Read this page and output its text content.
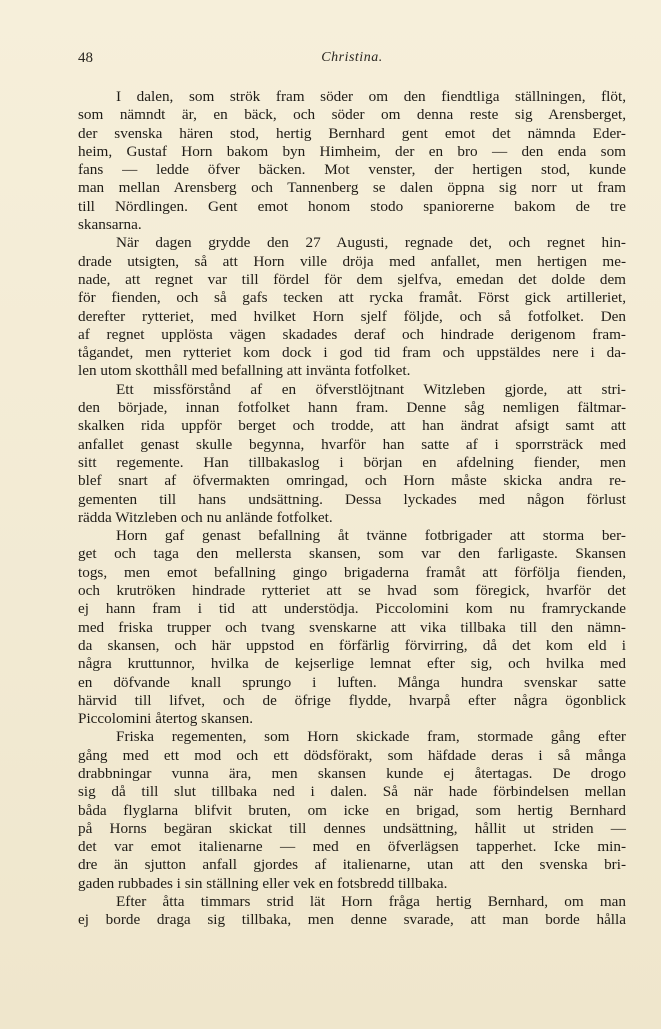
48	Christina.
I dalen, som strök fram söder om den fiendtliga ställningen, flöt,
som nämndt är, en bäck, och söder om denna reste sig Arensberget,
der svenska hären stod, hertig Bernhard gent emot det nämnda Eder-
heim, Gustaf Horn bakom byn Himheim, der en bro — den enda som
fans — ledde öfver bäcken. Mot venster, der hertigen stod, kunde
man mellan Arensberg och Tannenberg se dalen öppna sig norr ut fram
till Nördlingen. Gent emot honom stodo spaniorerne bakom de tre
skansarna.
När dagen grydde den 27 Augusti, regnade det, och regnet hin-
drade utsigten, så att Horn ville dröja med anfallet, men hertigen me-
nade, att regnet var till fördel för dem sjelfva, emedan det dolde dem
för fienden, och så gafs tecken att rycka framåt. Först gick artilleriet,
derefter rytteriet, med hvilket Horn sjelf följde, och så fotfolket. Den
af regnet upplösta vägen skadades deraf och hindrade derigenom fram-
tågandet, men rytteriet kom dock i god tid fram och uppstäldes nere i da-
len utom skotthåll med befallning att invänta fotfolket.
Ett missförstånd af en öfverstlöjtnant Witzleben gjorde, att stri-
den började, innan fotfolket hann fram. Denne såg nemligen fältmar-
skalken rida uppför berget och trodde, att han ändrat afsigt samt att
anfallet genast skulle begynna, hvarför han satte af i sporrsträck med
sitt regemente. Han tillbakaslog i början en afdelning fiender, men
blef snart af öfvermakten omringad, och Horn måste skicka andra re-
gementen till hans undsättning. Dessa lyckades med någon förlust
rädda Witzleben och nu anlände fotfolket.
Horn gaf genast befallning åt tvänne fotbrigader att storma ber-
get och taga den mellersta skansen, som var den farligaste. Skansen
togs, men emot befallning gingo brigaderna framåt att förfölja fienden,
och krutröken hindrade rytteriet att se hvad som föregick, hvarför det
ej hann fram i tid att understödja. Piccolomini kom nu framryckande
med friska trupper och tvang svenskarne att vika tillbaka till den nämn-
da skansen, och här uppstod en förfärlig förvirring, då det kom eld i
några kruttunnor, hvilka de kejserlige lemnat efter sig, och hvilka med
en döfvande knall sprungo i luften. Många hundra svenskar satte
härvid till lifvet, och de öfrige flydde, hvarpå efter några ögonblick
Piccolomini återtog skansen.
Friska regementen, som Horn skickade fram, stormade gång efter
gång med ett mod och ett dödsförakt, som häfdade deras i så många
drabbningar vunna ära, men skansen kunde ej återtagas. De drogo
sig då till slut tillbaka ned i dalen. Så när hade förbindelsen mellan
båda flyglarna blifvit bruten, om icke en brigad, som hertig Bernhard
på Horns begäran skickat till dennes undsättning, hållit ut striden —
det var emot italienarne — med en öfverlägsen tapperhet. Icke min-
dre än sjutton anfall gjordes af italienarne, utan att den svenska bri-
gaden rubbades i sin ställning eller vek en fotsbredd tillbaka.
Efter åtta timmars strid lät Horn fråga hertig Bernhard, om man
ej borde draga sig tillbaka, men denne svarade, att man borde hålla
